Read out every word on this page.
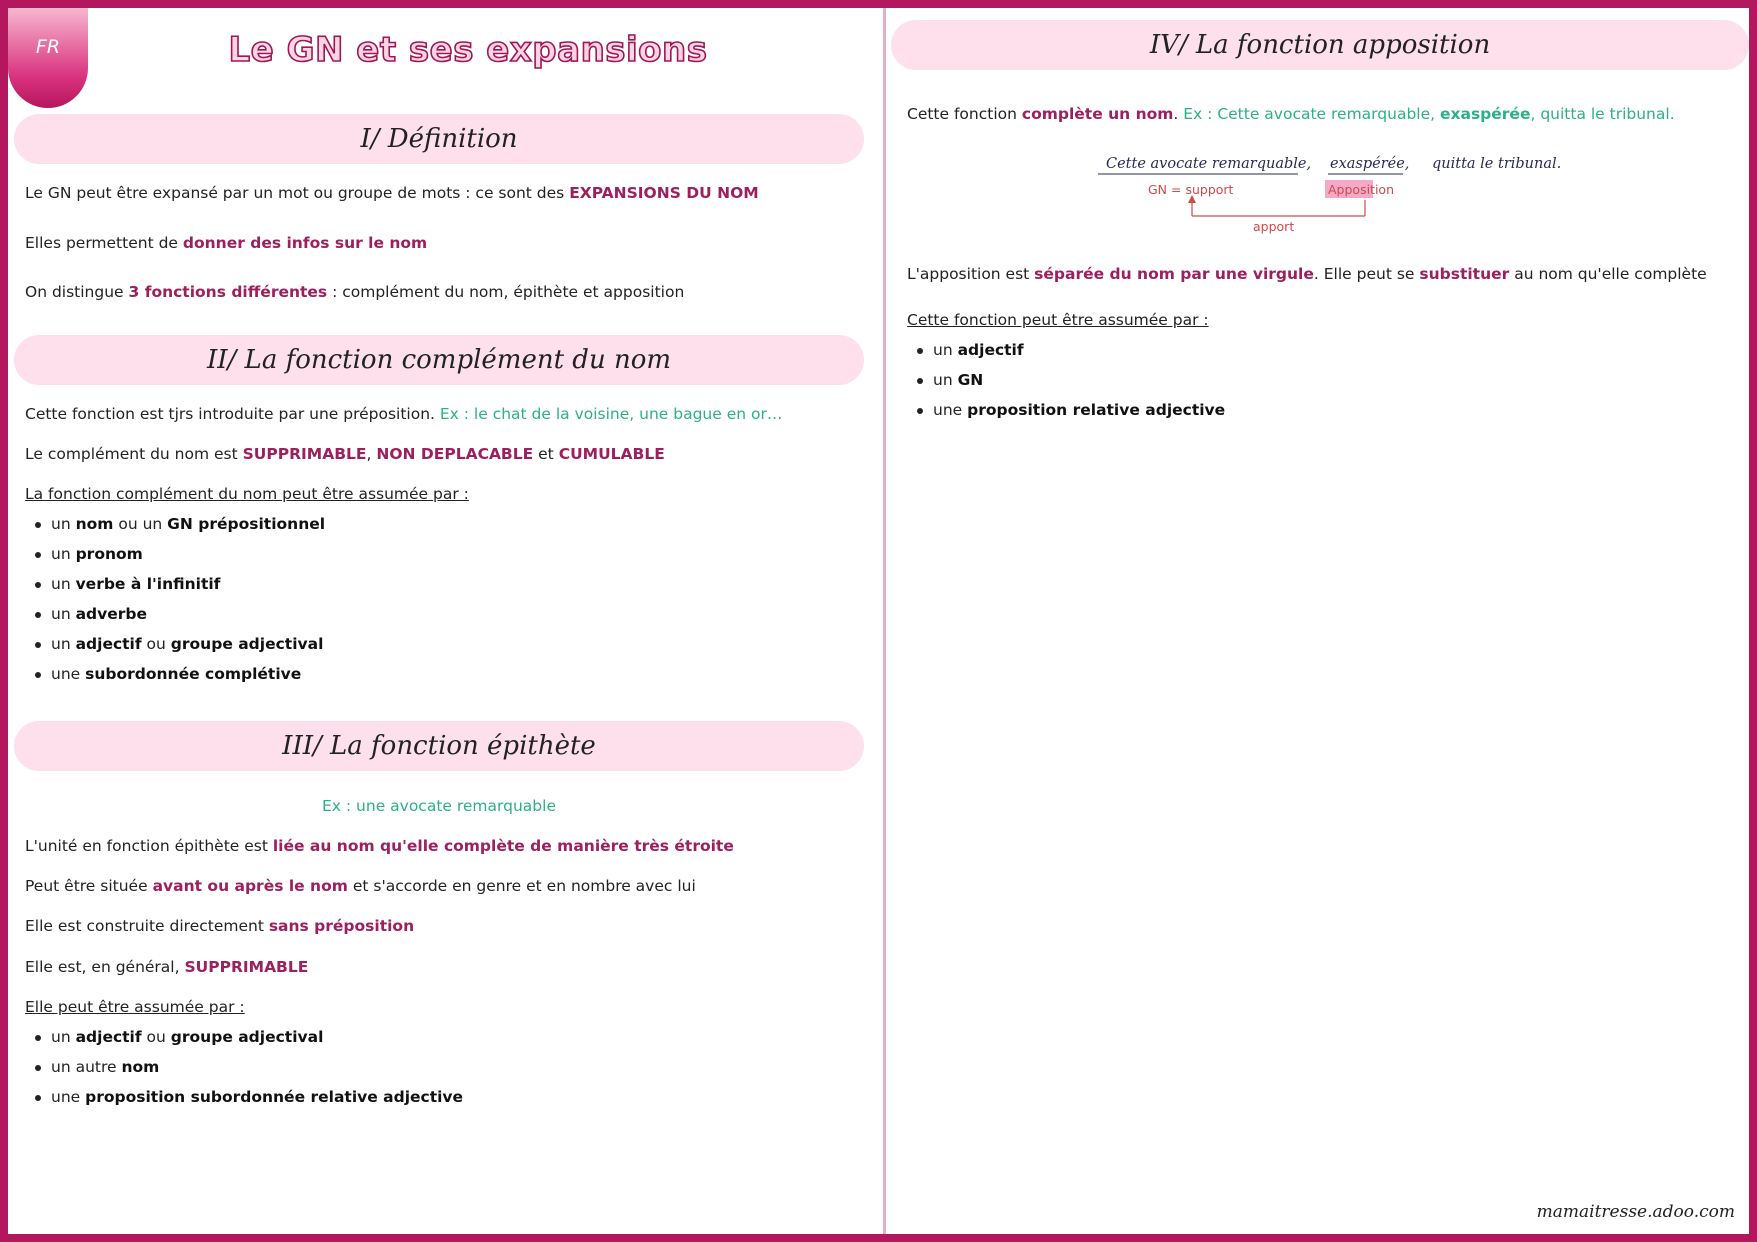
FR	Le GN et ses expansions
I/ Définition
Le GN peut être expansé par un mot ou groupe de mots : ce sont des EXPANSIONS DU NOM
Elles permettent de donner des infos sur le nom
On distingue 3 fonctions différentes : complément du nom, épithète et apposition
II/ La fonction complément du nom
Cette fonction est tjrs introduite par une préposition. Ex : le chat de la voisine, une bague en or…
Le complément du nom est SUPPRIMABLE, NON DEPLACABLE et CUMULABLE
La fonction complément du nom peut être assumée par :
un nom ou un GN prépositionnel
un pronom
un verbe à l'infinitif
un adverbe
un adjectif ou groupe adjectival
une subordonnée complétive
III/ La fonction épithète
Ex : une avocate remarquable
L'unité en fonction épithète est liée au nom qu'elle complète de manière très étroite
Peut être située avant ou après le nom et s'accorde en genre et en nombre avec lui
Elle est construite directement sans préposition
Elle est, en général, SUPPRIMABLE
Elle peut être assumée par :
un adjectif ou groupe adjectival
un autre nom
une proposition subordonnée relative adjective
IV/ La fonction apposition
Cette fonction complète un nom. Ex : Cette avocate remarquable, exaspérée, quitta le tribunal.
Cette avocate remarquable, exaspérée, quitta le tribunal.
GN = support	Apposition
apport
L'apposition est séparée du nom par une virgule. Elle peut se substituer au nom qu'elle complète
Cette fonction peut être assumée par :
un adjectif
un GN
une proposition relative adjective
mamaitresse.adoo.com
